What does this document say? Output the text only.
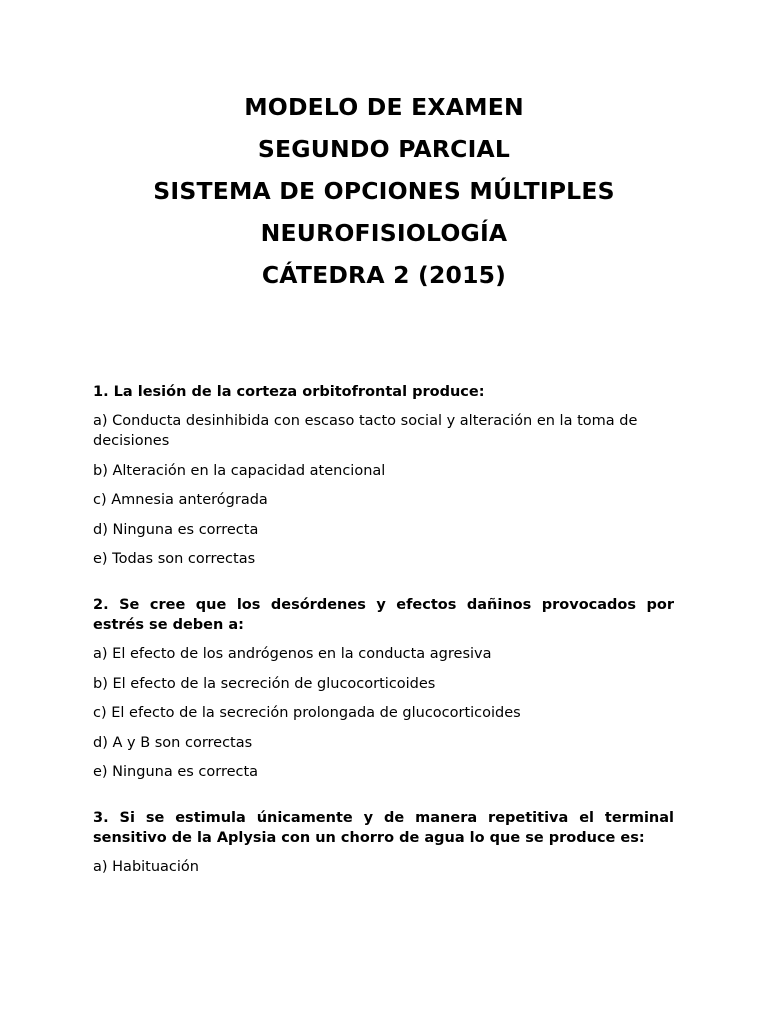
MODELO DE EXAMEN
SEGUNDO PARCIAL
SISTEMA DE OPCIONES MÚLTIPLES
NEUROFISIOLOGÍA
CÁTEDRA 2 (2015)

1. La lesión de la corteza orbitofrontal produce:

a) Conducta desinhibida con escaso tacto social y alteración en la toma de decisiones

b) Alteración en la capacidad atencional

c) Amnesia anterógrada

d) Ninguna es correcta

e) Todas son correctas

2. Se cree que los desórdenes y efectos dañinos provocados por estrés se deben a:

a) El efecto de los andrógenos en la conducta agresiva

b) El efecto de la secreción de glucocorticoides

c) El efecto de la secreción prolongada de glucocorticoides

d) A y B son correctas

e) Ninguna es correcta

3. Si se estimula únicamente y de manera repetitiva el terminal sensitivo de la Aplysia con un chorro de agua lo que se produce es:

a) Habituación
